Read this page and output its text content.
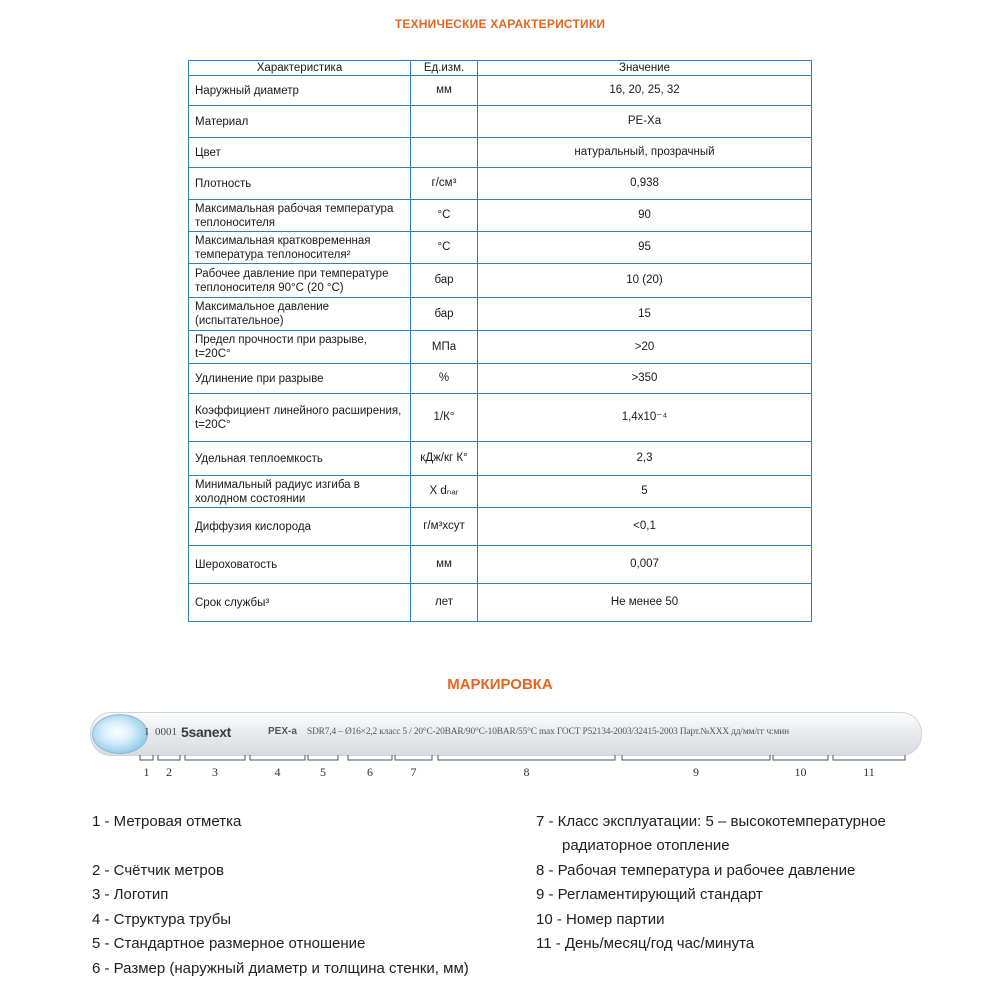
ТЕХНИЧЕСКИЕ ХАРАКТЕРИСТИКИ
Характеристика	Ед.изм.	Значение
Наружный диаметр	мм	16, 20, 25, 32
Материал		PE-Xa
Цвет		натуральный, прозрачный
Плотность	г/см³	0,938
Максимальная рабочая температура теплоносителя	°С	90
Максимальная кратковременная температура теплоносителя²	°С	95
Рабочее давление при температуре теплоносителя 90°С (20 °С)	бар	10 (20)
Максимальное давление (испытательное)	бар	15
Предел прочности при разрыве, t=20С°	МПа	>20
Удлинение при разрыве	%	>350
Коэффициент линейного расширения, t=20С°	1/К°	1,4x10⁻⁴
Удельная теплоемкость	кДж/кг К°	2,3
Минимальный радиус изгиба в холодном состоянии	X dₙₐᵣ	5
Диффузия кислорода	г/м³хсут	<0,1
Шероховатость	мм	0,007
Срок службы³	лет	Не менее 50
МАРКИРОВКА
I 0001 5sanext	PEX-a SDR7,4 – Ø16×2,2 класс 5 / 20°С-20BAR/90°С-10BAR/55°С max ГОСТ Р52134-2003/32415-2003 Парт.№XXX дд/мм/гг ч:мин
1	2	3	4	5	6	7	8	9	10	11
1 - Метровая отметка
2 - Счётчик метров
3 - Логотип
4 - Структура трубы
5 - Стандартное размерное отношение
6 - Размер (наружный диаметр и толщина стенки, мм)
7 - Класс эксплуатации: 5 – высокотемпературное
радиаторное отопление
8 - Рабочая температура и рабочее давление
9 - Регламентирующий стандарт
10 - Номер партии
11 - День/месяц/год час/минута
